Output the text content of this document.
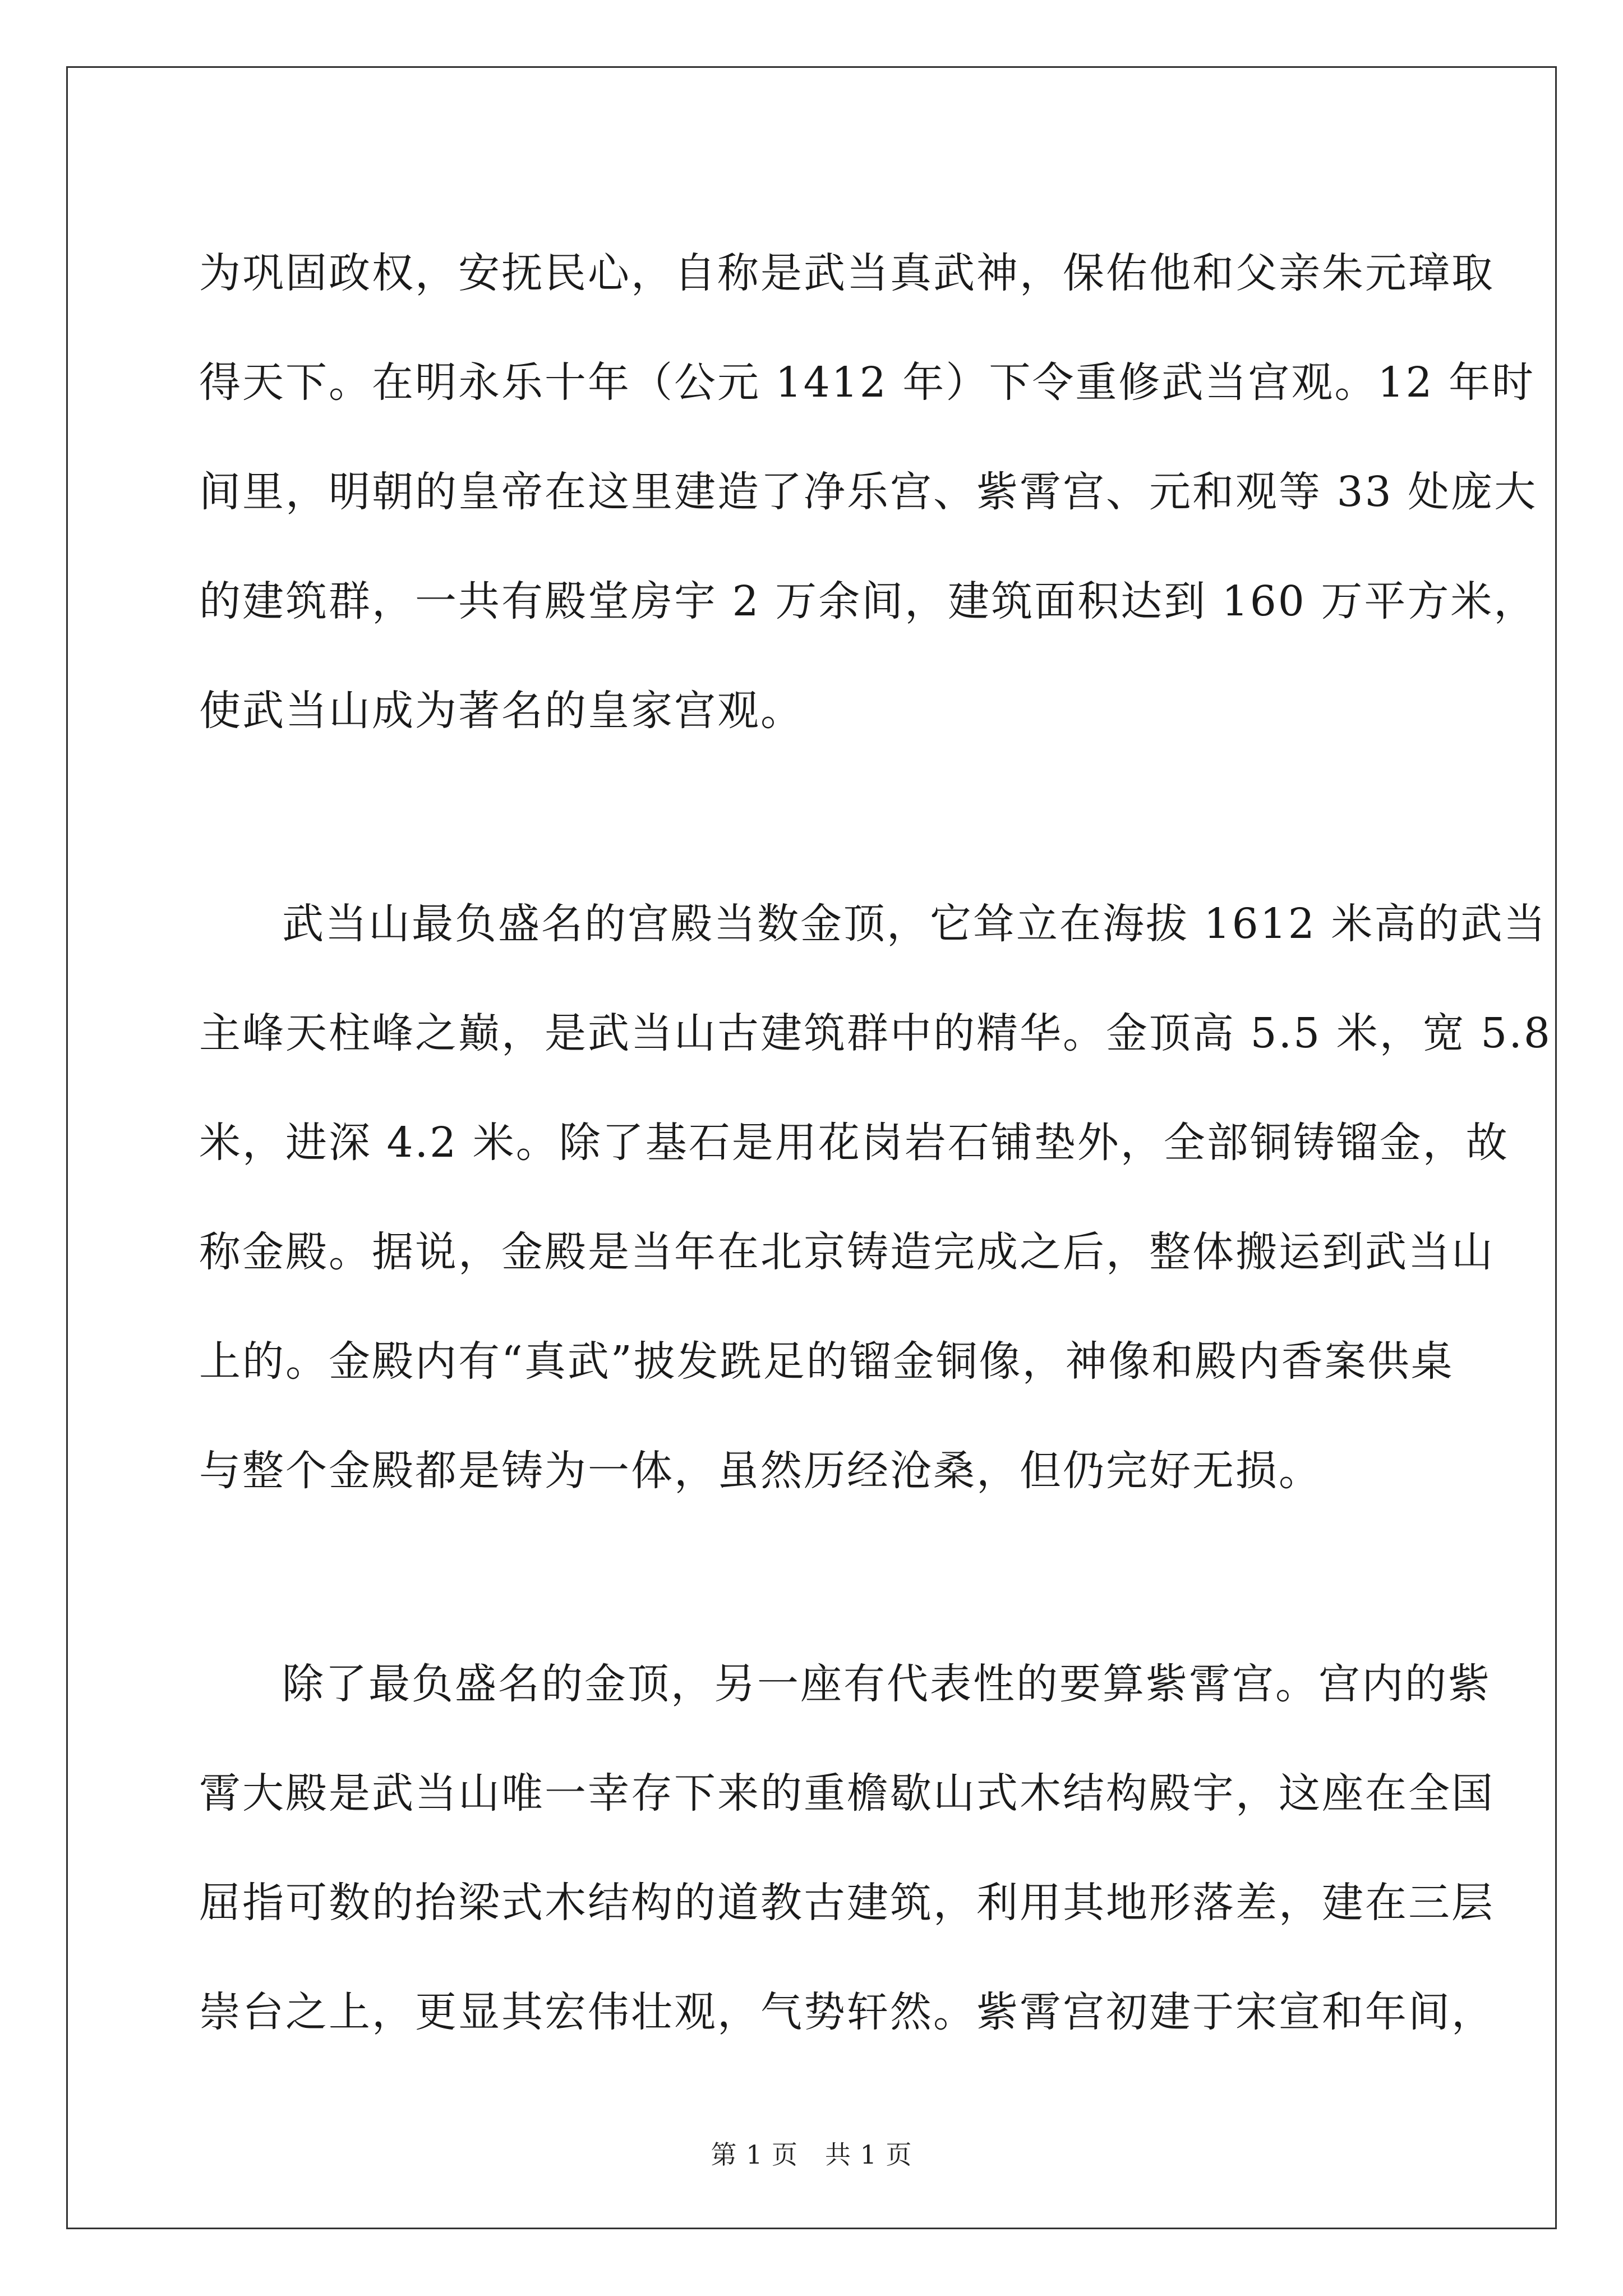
为巩固政权，安抚民心，自称是武当真武神，保佑他和父亲朱元璋取
得天下。在明永乐十年（公元 1412 年）下令重修武当宫观。12 年时
间里，明朝的皇帝在这里建造了净乐宫、紫霄宫、元和观等 33 处庞大
的建筑群，一共有殿堂房宇 2 万余间，建筑面积达到 160 万平方米，
使武当山成为著名的皇家宫观。

武当山最负盛名的宫殿当数金顶，它耸立在海拔 1612 米高的武当
主峰天柱峰之巅，是武当山古建筑群中的精华。金顶高 5.5 米，宽 5.8
米，进深 4.2 米。除了基石是用花岗岩石铺垫外，全部铜铸镏金，故
称金殿。据说，金殿是当年在北京铸造完成之后，整体搬运到武当山
上的。金殿内有“真武”披发跣足的镏金铜像，神像和殿内香案供桌
与整个金殿都是铸为一体，虽然历经沧桑，但仍完好无损。

除了最负盛名的金顶，另一座有代表性的要算紫霄宫。宫内的紫
霄大殿是武当山唯一幸存下来的重檐歇山式木结构殿宇，这座在全国
屈指可数的抬梁式木结构的道教古建筑，利用其地形落差，建在三层
崇台之上，更显其宏伟壮观，气势轩然。紫霄宫初建于宋宣和年间，

第 1 页 共 1 页
